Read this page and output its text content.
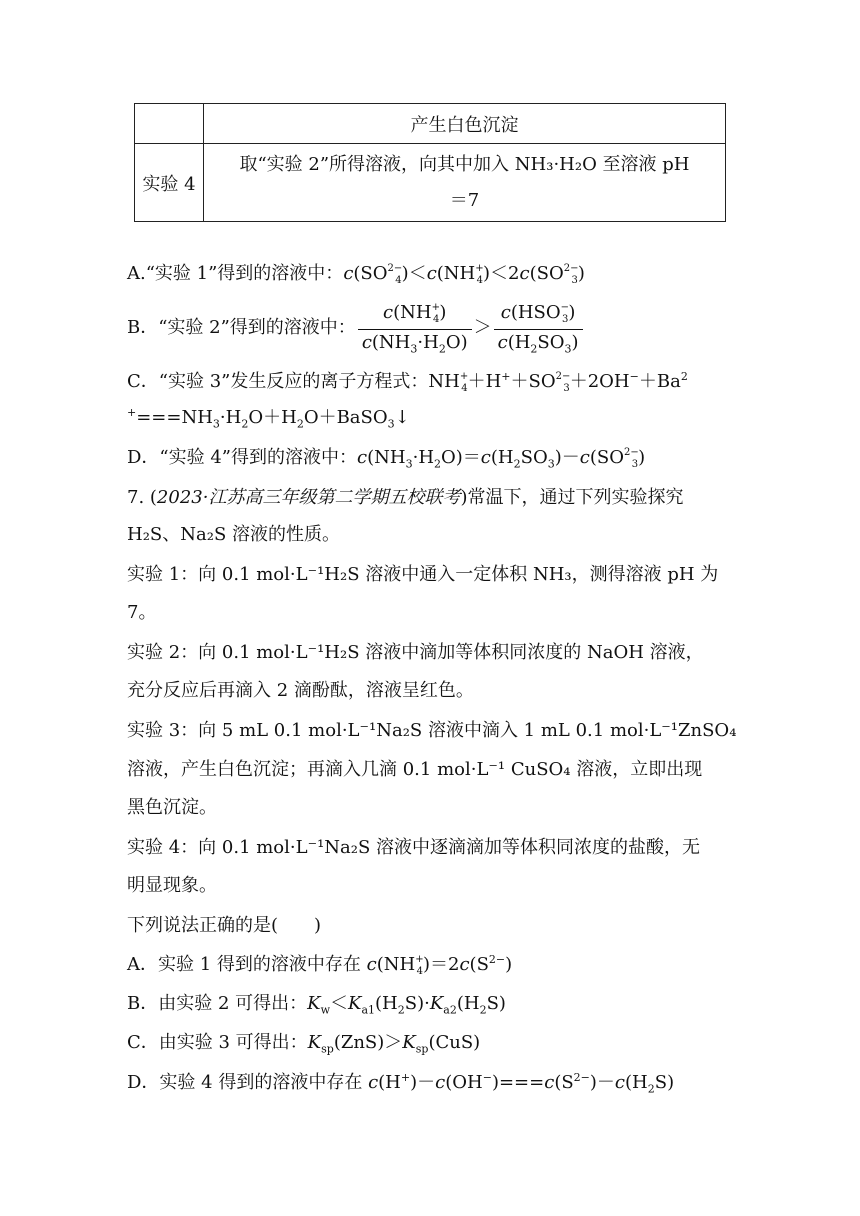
	产生白色沉淀
实验 4	取“实验 2”所得溶液，向其中加入 NH₃·H₂O 至溶液 pH
＝7
A.“实验 1”得到的溶液中：$c(SO^{2-}_4)<c(NH^+_4)<2c(SO^{2-}_3)$
B．“实验 2”得到的溶液中： $\frac{c(NH^+_4)}{c(NH_3\cdot H_2O)} > \frac{c(HSO^-_3)}{c(H_2SO_3)}$
C．“实验 3”发生反应的离子方程式：$NH^+_4+H^++SO^{2-}_3+2OH^-+Ba^2$
$^+===NH_3\cdot H_2O+H_2O+BaSO_3↓$
D．“实验 4”得到的溶液中：$c(NH_3\cdot H_2O)=c(H_2SO_3)-c(SO^{2-}_3)$
7. (2023·江苏高三年级第二学期五校联考)常温下，通过下列实验探究
H₂S、Na₂S 溶液的性质。
实验 1：向 0.1 mol·L⁻¹H₂S 溶液中通入一定体积 NH₃，测得溶液 pH 为
7。
实验 2：向 0.1 mol·L⁻¹H₂S 溶液中滴加等体积同浓度的 NaOH 溶液，
充分反应后再滴入 2 滴酚酞，溶液呈红色。
实验 3：向 5 mL 0.1 mol·L⁻¹Na₂S 溶液中滴入 1 mL 0.1 mol·L⁻¹ZnSO₄
溶液，产生白色沉淀；再滴入几滴 0.1 mol·L⁻¹ CuSO₄ 溶液，立即出现
黑色沉淀。
实验 4：向 0.1 mol·L⁻¹Na₂S 溶液中逐滴滴加等体积同浓度的盐酸，无
明显现象。
下列说法正确的是(　　)
A．实验 1 得到的溶液中存在 $c(NH^+_4)=2c(S^{2-})$
B．由实验 2 可得出：$K_w<K_{a1}(H_2S)\cdot K_{a2}(H_2S)$
C．由实验 3 可得出：$K_{sp}(ZnS)>K_{sp}(CuS)$
D．实验 4 得到的溶液中存在 $c(H^+)-c(OH^-)===c(S^{2-})-c(H_2S)$
